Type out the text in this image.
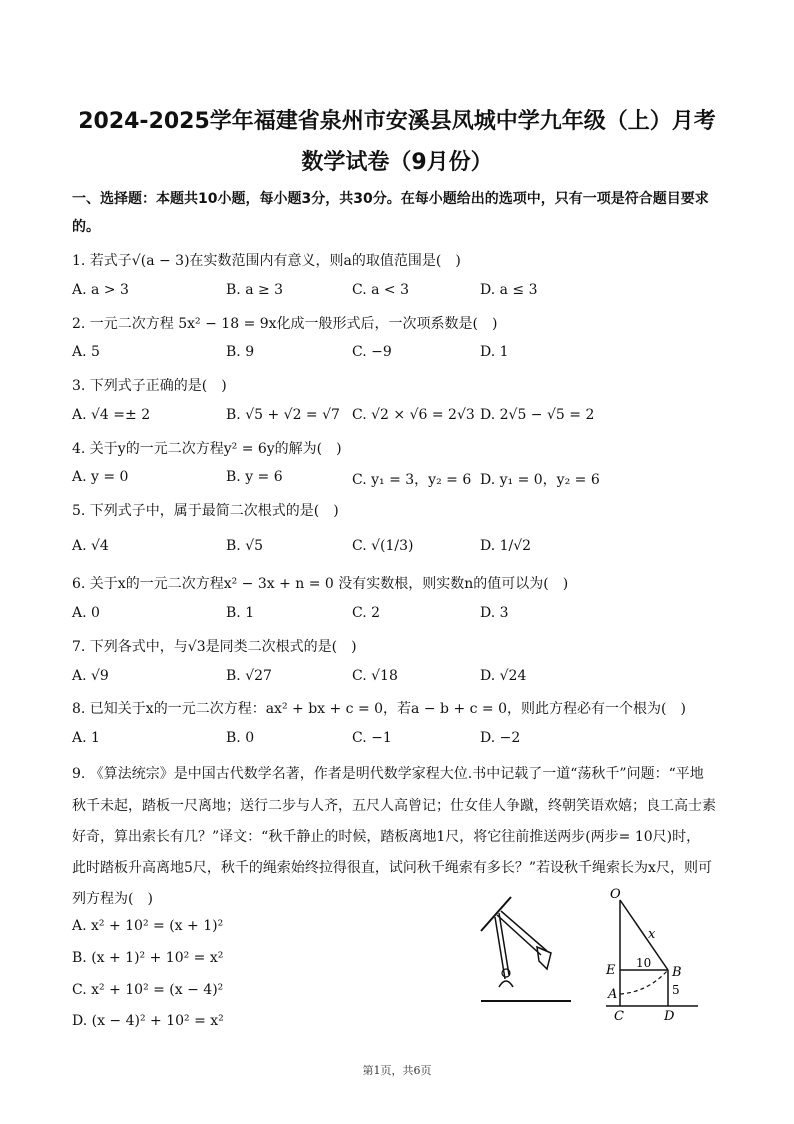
2024-2025学年福建省泉州市安溪县凤城中学九年级（上）月考
数学试卷（9月份）
一、选择题：本题共10小题，每小题3分，共30分。在每小题给出的选项中，只有一项是符合题目要求
的。
1. 若式子√(a − 3)在实数范围内有意义，则a的取值范围是(　)
A. a > 3	B. a ≥ 3	C. a < 3	D. a ≤ 3
2. 一元二次方程 5x² − 18 = 9x化成一般形式后，一次项系数是(　)
A. 5	B. 9	C. −9	D. 1
3. 下列式子正确的是(　)
A. √4 =± 2	B. √5 + √2 = √7 C. √2 × √6 = 2√3 D. 2√5 − √5 = 2
4. 关于y的一元二次方程y² = 6y的解为(　)
A. y = 0	B. y = 6	C. y₁ = 3，y₂ = 6 D. y₁ = 0，y₂ = 6
5. 下列式子中，属于最简二次根式的是(　)
A. √4	B. √5	C. √(1/3)	D. 1/√2
6. 关于x的一元二次方程x² − 3x + n = 0 没有实数根，则实数n的值可以为(　)
A. 0	B. 1	C. 2	D. 3
7. 下列各式中，与√3是同类二次根式的是(　)
A. √9	B. √27	C. √18	D. √24
8. 已知关于x的一元二次方程：ax² + bx + c = 0，若a − b + c = 0，则此方程必有一个根为(　)
A. 1	B. 0	C. −1	D. −2
9. 《算法统宗》是中国古代数学名著，作者是明代数学家程大位.书中记载了一道“荡秋千”问题：“平地
秋千未起，踏板一尺离地；送行二步与人齐，五尺人高曾记；仕女佳人争蹴，终朝笑语欢嬉；良工高士素
好奇，算出索长有几？”译文：“秋千静止的时候，踏板离地1尺，将它往前推送两步(两步= 10尺)时，
此时踏板升高离地5尺，秋千的绳索始终拉得很直，试问秋千绳索有多长？”若设秋千绳索长为x尺，则可
列方程为(　)
A. x² + 10² = (x + 1)²
B. (x + 1)² + 10² = x²
C. x² + 10² = (x − 4)²
D. (x − 4)² + 10² = x²
O
x
E 10
B
A	5
C	D
第1页，共6页
